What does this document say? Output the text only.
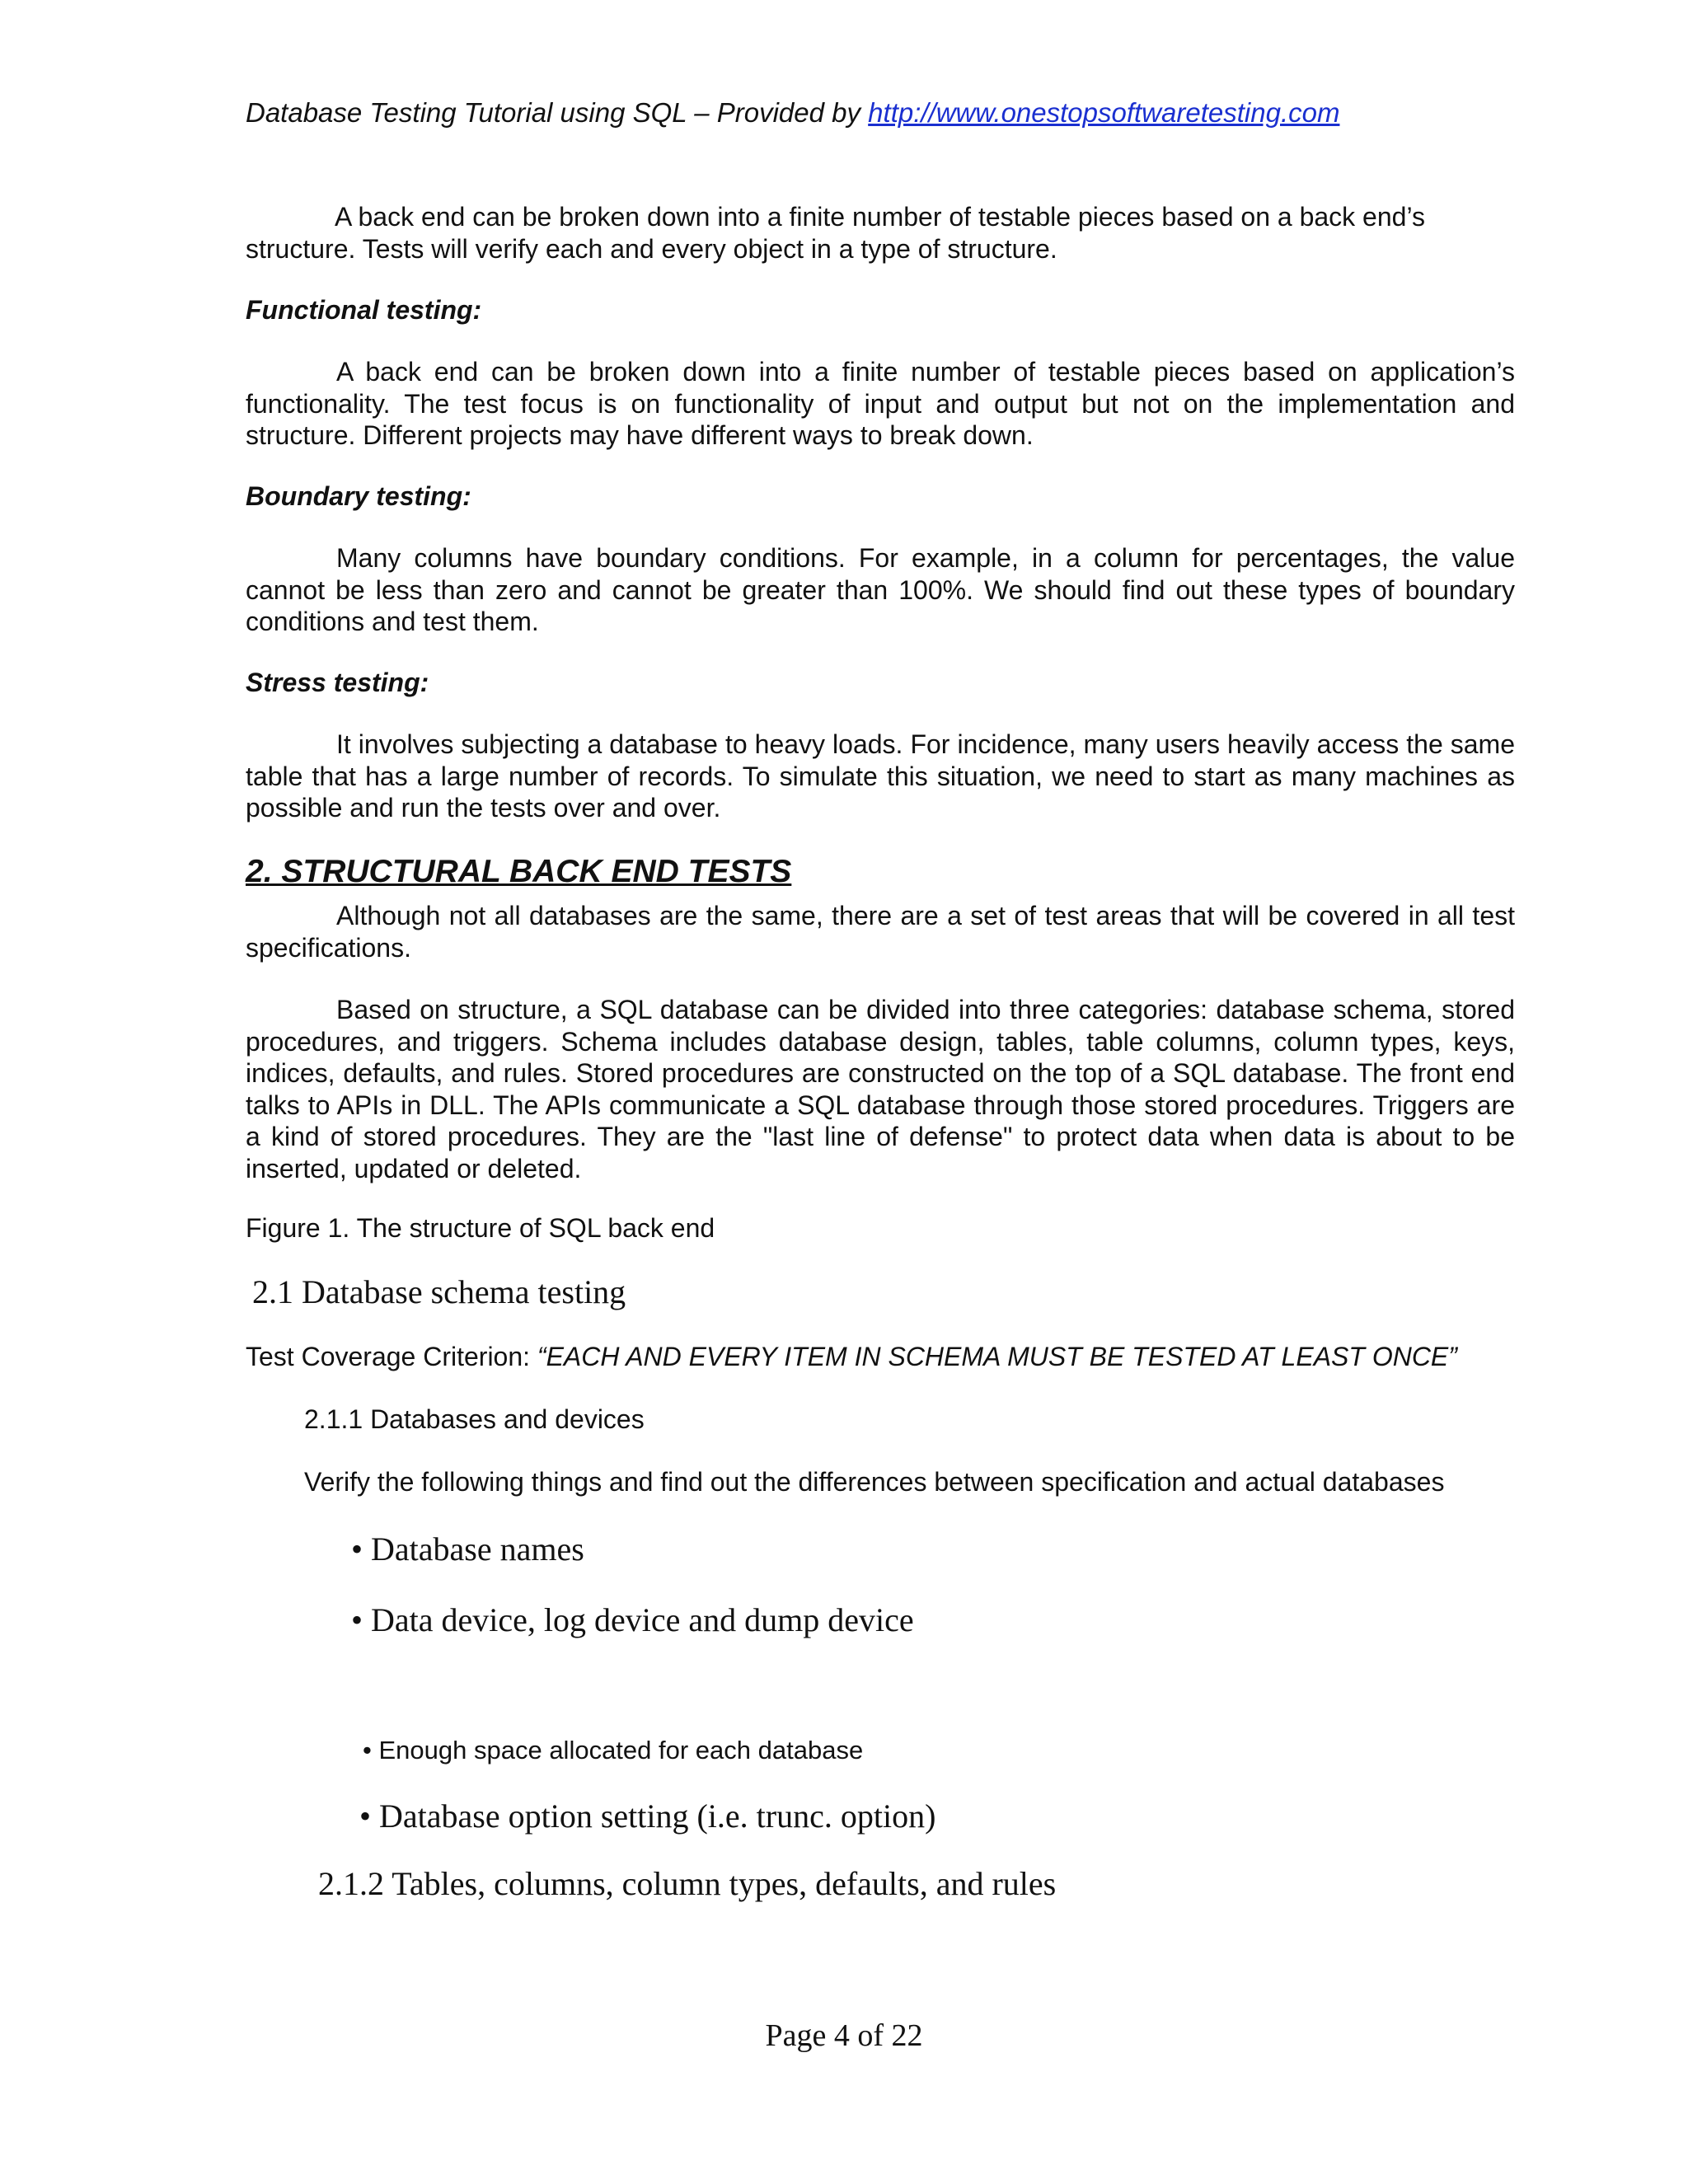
Database Testing Tutorial using SQL – Provided by http://www.onestopsoftwaretesting.com
A back end can be broken down into a finite number of testable pieces based on a back end’s structure. Tests will verify each and every object in a type of structure.
Functional testing:
A back end can be broken down into a finite number of testable pieces based on application’s functionality. The test focus is on functionality of input and output but not on the implementation and structure. Different projects may have different ways to break down.
Boundary testing:
Many columns have boundary conditions. For example, in a column for percentages, the value cannot be less than zero and cannot be greater than 100%. We should find out these types of boundary conditions and test them.
Stress testing:
It involves subjecting a database to heavy loads. For incidence, many users heavily access the same table that has a large number of records. To simulate this situation, we need to start as many machines as possible and run the tests over and over.
2. STRUCTURAL BACK END TESTS
Although not all databases are the same, there are a set of test areas that will be covered in all test specifications.
Based on structure, a SQL database can be divided into three categories: database schema, stored procedures, and triggers. Schema includes database design, tables, table columns, column types, keys, indices, defaults, and rules. Stored procedures are constructed on the top of a SQL database. The front end talks to APIs in DLL. The APIs communicate a SQL database through those stored procedures. Triggers are a kind of stored procedures. They are the "last line of defense" to protect data when data is about to be inserted, updated or deleted.
Figure 1. The structure of SQL back end
2.1 Database schema testing
Test Coverage Criterion: “EACH AND EVERY ITEM IN SCHEMA MUST BE TESTED AT LEAST ONCE”
2.1.1 Databases and devices
Verify the following things and find out the differences between specification and actual databases
• Database names
• Data device, log device and dump device
• Enough space allocated for each database
• Database option setting (i.e. trunc. option)
2.1.2 Tables, columns, column types, defaults, and rules
Page 4 of 22
